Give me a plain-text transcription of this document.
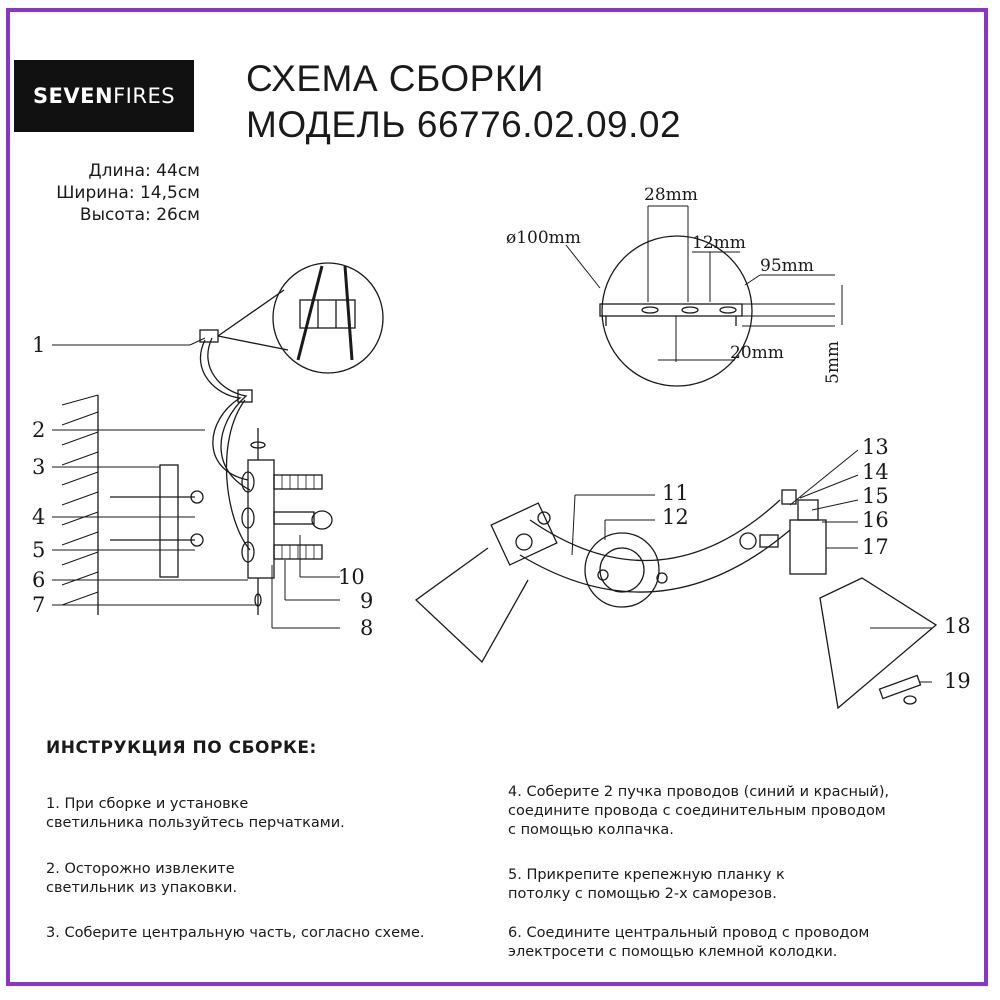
SEVEN FIRES СХЕМА СБОРКИ
МОДЕЛЬ 66776.02.09.02
Длина: 44см
Ширина: 14,5см
Высота: 26см
1
2
3
4
5
6
7
8
9
10
ø100mm
28mm
12mm
95mm
20mm 5mm
11
12
13
14
15
16
17
18
19
ИНСТРУКЦИЯ ПО СБОРКЕ:
1. При сборке и установке
светильника пользуйтесь перчатками.
2. Осторожно извлеките
светильник из упаковки.
3. Соберите центральную часть, согласно схеме.
4. Соберите 2 пучка проводов (синий и красный),
соедините провода с соединительным проводом
с помощью колпачка.
5. Прикрепите крепежную планку к
потолку с помощью 2-х саморезов.
6. Соедините центральный провод с проводом
электросети с помощью клемной колодки.
